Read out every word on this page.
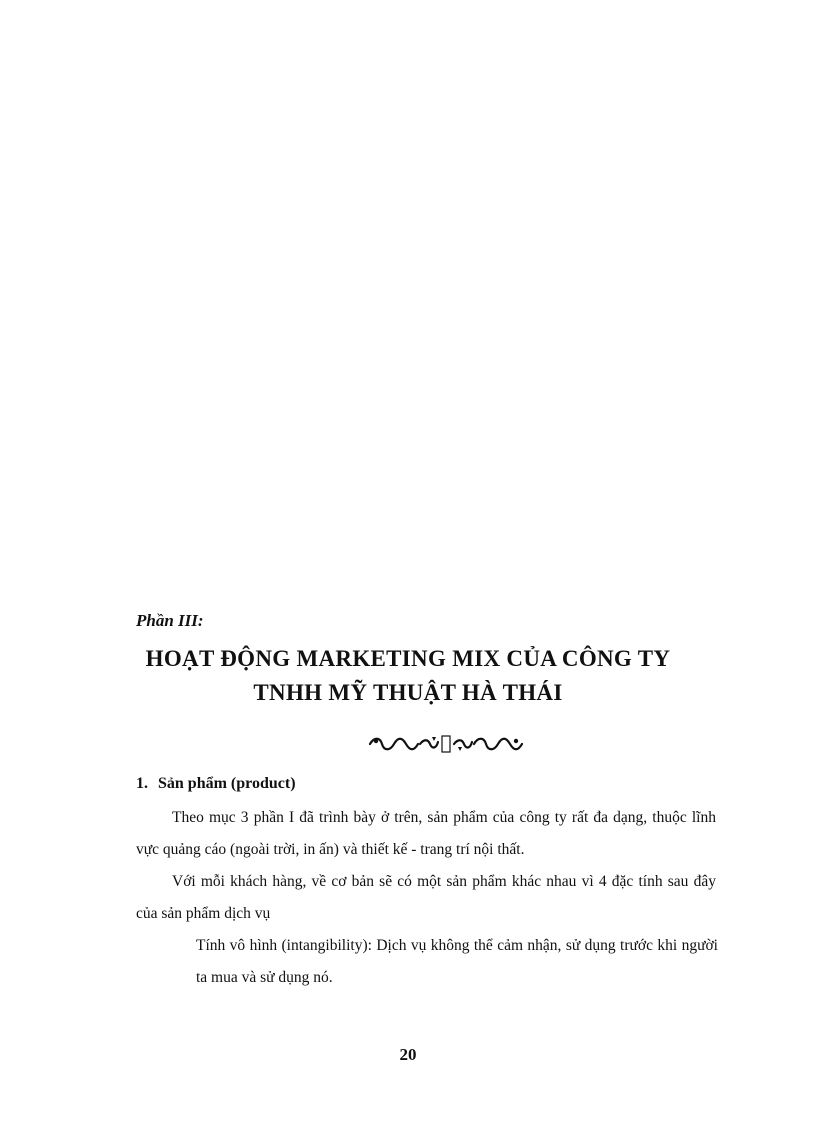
Phần III:
HOẠT ĐỘNG MARKETING MIX CỦA CÔNG TY
TNHH MỸ THUẬT HÀ THÁI
1. Sản phẩm (product)
Theo mục 3 phần I đã trình bày ở trên, sản phẩm của công ty rất đa dạng, thuộc lĩnh vực quảng cáo (ngoài trời, in ấn) và thiết kế - trang trí nội thất.
Với mỗi khách hàng, về cơ bản sẽ có một sản phẩm khác nhau vì 4 đặc tính sau đây của sản phẩm dịch vụ
Tính vô hình (intangibility): Dịch vụ không thể cảm nhận, sử dụng trước khi người ta mua và sử dụng nó.
20
